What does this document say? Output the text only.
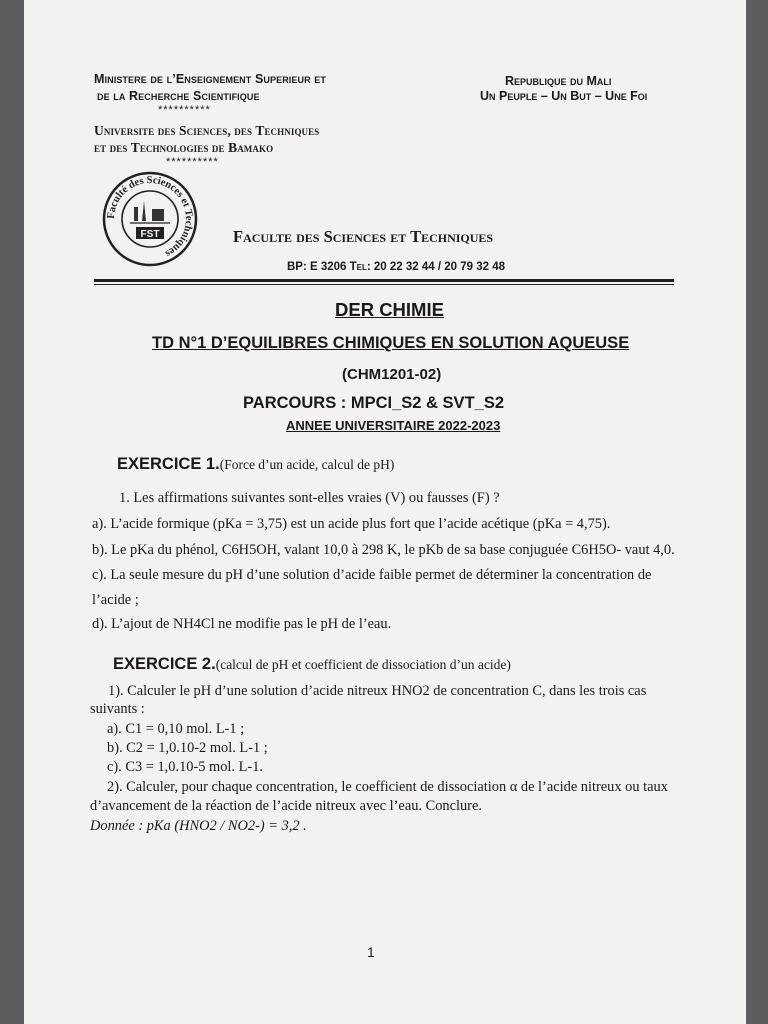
Ministere de l’Enseignement Superieur et
de la Recherche Scientifique
**********
Universite des Sciences, des Techniques
et des Technologies de Bamako
**********
Republique du Mali
Un Peuple – Un But – Une Foi
Faculté des Sciences et Techniques
FST	Faculte des Sciences et Techniques
BP: E 3206 Tel: 20 22 32 44 / 20 79 32 48
DER CHIMIE
TD N°1 D’EQUILIBRES CHIMIQUES EN SOLUTION AQUEUSE
(CHM1201-02)
PARCOURS : MPCI_S2 & SVT_S2
ANNEE UNIVERSITAIRE 2022-2023
EXERCICE 1.(Force d’un acide, calcul de pH)
1. Les affirmations suivantes sont-elles vraies (V) ou fausses (F) ?
a). L’acide formique (pKa = 3,75) est un acide plus fort que l’acide acétique (pKa = 4,75).
b). Le pKa du phénol, C6H5OH, valant 10,0 à 298 K, le pKb de sa base conjuguée C6H5O- vaut 4,0.
c). La seule mesure du pH d’une solution d’acide faible permet de déterminer la concentration de
l’acide ;
d). L’ajout de NH4Cl ne modifie pas le pH de l’eau.
EXERCICE 2.(calcul de pH et coefficient de dissociation d’un acide)
1). Calculer le pH d’une solution d’acide nitreux HNO2 de concentration C, dans les trois cas
suivants :
a). C1 = 0,10 mol. L-1 ;
b). C2 = 1,0.10-2 mol. L-1 ;
c). C3 = 1,0.10-5 mol. L-1.
2). Calculer, pour chaque concentration, le coefficient de dissociation α de l’acide nitreux ou taux
d’avancement de la réaction de l’acide nitreux avec l’eau. Conclure.
Donnée : pKa (HNO2 / NO2-) = 3,2 .
1
